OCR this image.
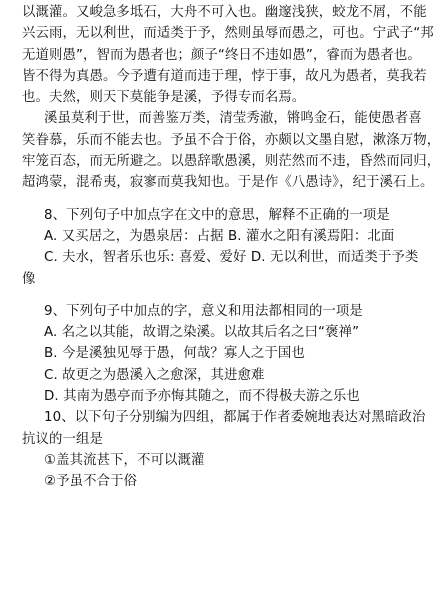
以溉灌。又峻急多坻石，大舟不可入也。幽邃浅狭，蛟龙不屑，不能
兴云雨，无以利世，而适类于予，然则虽辱而愚之，可也。宁武子“邦
无道则愚”，智而为愚者也；颜子“终日不违如愚”，睿而为愚者也。
皆不得为真愚。今予遭有道而违于理，悖于事，故凡为愚者，莫我若
也。夫然，则天下莫能争是溪，予得专而名焉。
溪虽莫利于世，而善鉴万类，清莹秀澈，锵鸣金石，能使愚者喜
笑眷慕，乐而不能去也。予虽不合于俗，亦颇以文墨自慰，漱涤万物，
牢笼百态，而无所避之。以愚辞歌愚溪，则茫然而不违，昏然而同归，
超鸿蒙，混希夷，寂寥而莫我知也。于是作《八愚诗》，纪于溪石上。
8、下列句子中加点字在文中的意思，解释不正确的一项是
A. 又买居之，为愚泉居：占据 B. 灌水之阳有溪焉阳：北面
C. 夫水，智者乐也乐: 喜爱、爱好 D. 无以利世，而适类于予类
像
9、下列句子中加点的字，意义和用法都相同的一项是
A. 名之以其能，故谓之染溪。以故其后名之曰“褒禅”
B. 今是溪独见辱于愚，何哉？寡人之于国也
C. 故更之为愚溪入之愈深，其进愈难
D. 其南为愚亭而予亦悔其随之，而不得极夫游之乐也
10、以下句子分别编为四组，都属于作者委婉地表达对黑暗政治
抗议的一组是
①盖其流甚下，不可以溉灌
②予虽不合于俗
